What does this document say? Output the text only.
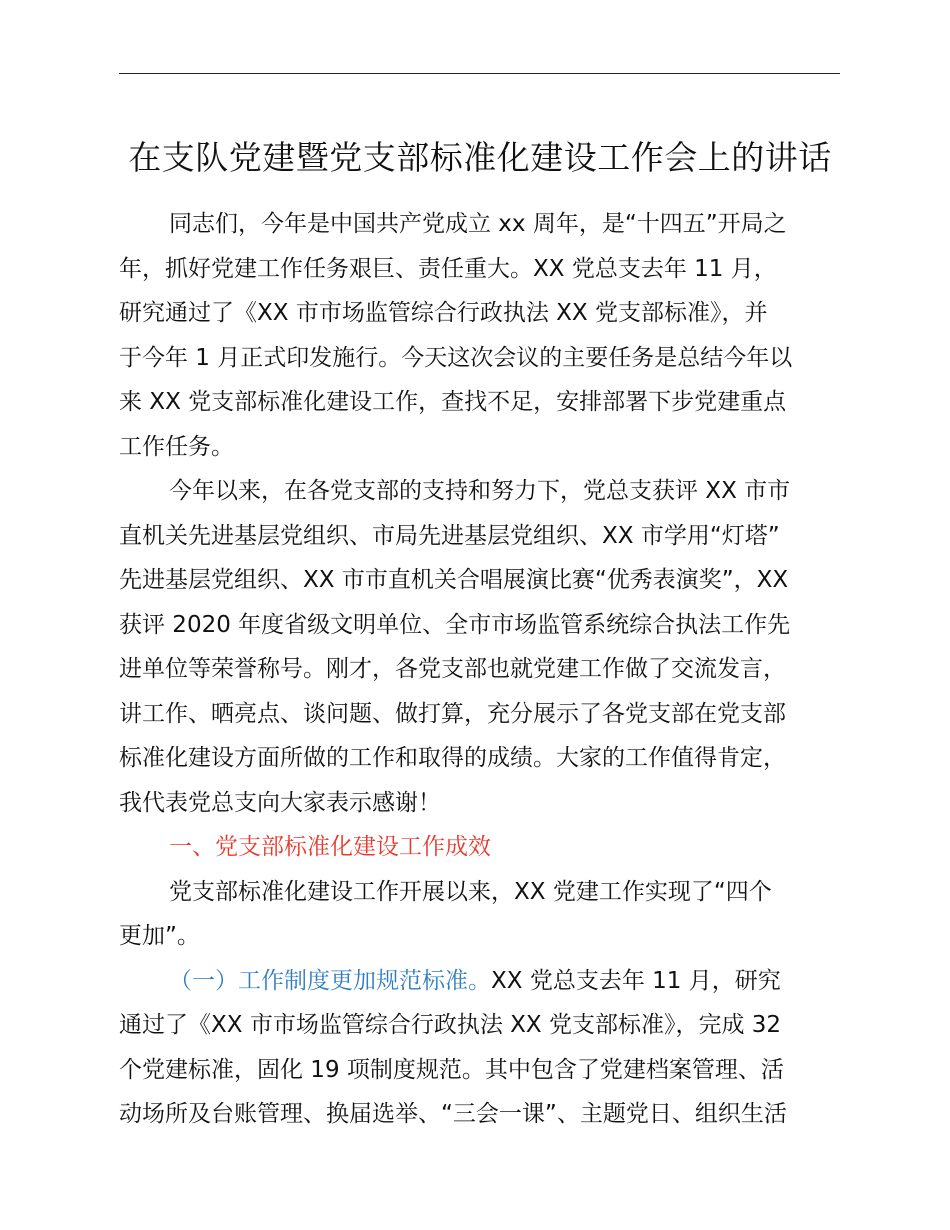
在支队党建暨党支部标准化建设工作会上的讲话
同志们，今年是中国共产党成立 xx 周年，是“十四五”开局之
年，抓好党建工作任务艰巨、责任重大。XX 党总支去年 11 月，
研究通过了《XX 市市场监管综合行政执法 XX 党支部标准》，并
于今年 1 月正式印发施行。今天这次会议的主要任务是总结今年以
来 XX 党支部标准化建设工作，查找不足，安排部署下步党建重点
工作任务。
今年以来，在各党支部的支持和努力下，党总支获评 XX 市市
直机关先进基层党组织、市局先进基层党组织、XX 市学用“灯塔”
先进基层党组织、XX 市市直机关合唱展演比赛“优秀表演奖”，XX
获评 2020 年度省级文明单位、全市市场监管系统综合执法工作先
进单位等荣誉称号。刚才，各党支部也就党建工作做了交流发言，
讲工作、晒亮点、谈问题、做打算，充分展示了各党支部在党支部
标准化建设方面所做的工作和取得的成绩。大家的工作值得肯定，
我代表党总支向大家表示感谢！
一、党支部标准化建设工作成效
党支部标准化建设工作开展以来，XX 党建工作实现了“四个
更加”。
（一）工作制度更加规范标准。XX 党总支去年 11 月，研究
通过了《XX 市市场监管综合行政执法 XX 党支部标准》，完成 32
个党建标准，固化 19 项制度规范。其中包含了党建档案管理、活
动场所及台账管理、换届选举、“三会一课”、主题党日、组织生活
